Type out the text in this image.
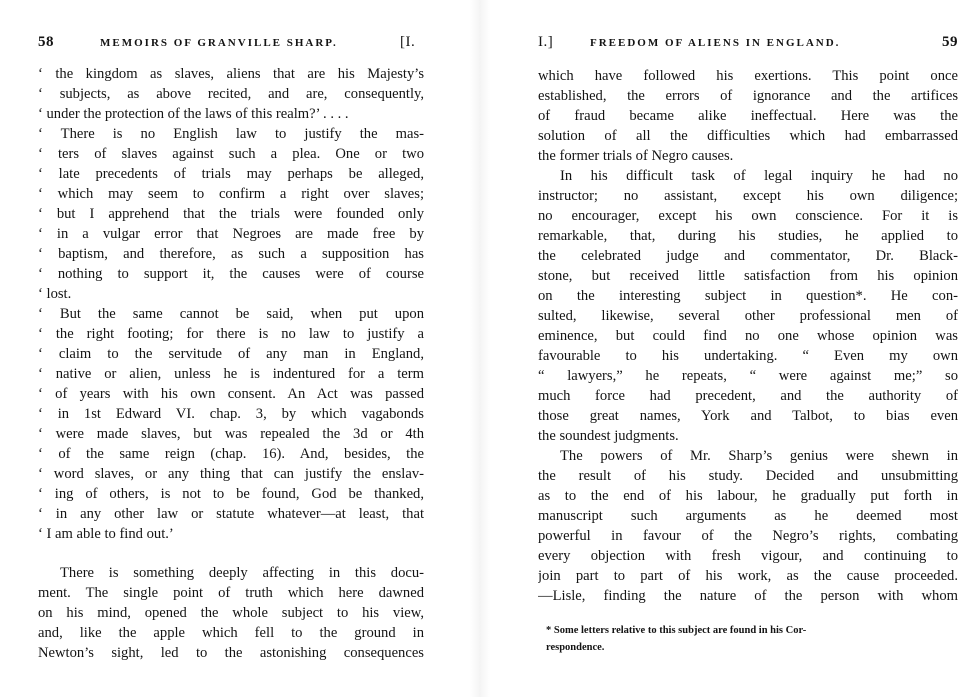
58	MEMOIRS OF GRANVILLE SHARP.	[I.
‘ the kingdom as slaves, aliens that are his Majesty’s
‘ subjects, as above recited, and are, consequently,
‘ under the protection of the laws of this realm?’ . . . .
‘ There is no English law to justify the mas-
‘ ters of slaves against such a plea. One or two
‘ late precedents of trials may perhaps be alleged,
‘ which may seem to confirm a right over slaves;
‘ but I apprehend that the trials were founded only
‘ in a vulgar error that Negroes are made free by
‘ baptism, and therefore, as such a supposition has
‘ nothing to support it, the causes were of course
‘ lost.
‘ But the same cannot be said, when put upon
‘ the right footing; for there is no law to justify a
‘ claim to the servitude of any man in England,
‘ native or alien, unless he is indentured for a term
‘ of years with his own consent. An Act was passed
‘ in 1st Edward VI. chap. 3, by which vagabonds
‘ were made slaves, but was repealed the 3d or 4th
‘ of the same reign (chap. 16). And, besides, the
‘ word slaves, or any thing that can justify the enslav-
‘ ing of others, is not to be found, God be thanked,
‘ in any other law or statute whatever—at least, that
‘ I am able to find out.’
There is something deeply affecting in this docu-
ment. The single point of truth which here dawned
on his mind, opened the whole subject to his view,
and, like the apple which fell to the ground in
Newton’s sight, led to the astonishing consequences
I.]	FREEDOM OF ALIENS IN ENGLAND.	59
which have followed his exertions. This point once
established, the errors of ignorance and the artifices
of fraud became alike ineffectual. Here was the
solution of all the difficulties which had embarrassed
the former trials of Negro causes.
In his difficult task of legal inquiry he had no
instructor; no assistant, except his own diligence;
no encourager, except his own conscience. For it is
remarkable, that, during his studies, he applied to
the celebrated judge and commentator, Dr. Black-
stone, but received little satisfaction from his opinion
on the interesting subject in question*. He con-
sulted, likewise, several other professional men of
eminence, but could find no one whose opinion was
favourable to his undertaking. “ Even my own
“ lawyers,” he repeats, “ were against me;” so
much force had precedent, and the authority of
those great names, York and Talbot, to bias even
the soundest judgments.
The powers of Mr. Sharp’s genius were shewn in
the result of his study. Decided and unsubmitting
as to the end of his labour, he gradually put forth in
manuscript such arguments as he deemed most
powerful in favour of the Negro’s rights, combating
every objection with fresh vigour, and continuing to
join part to part of his work, as the cause proceeded.
—Lisle, finding the nature of the person with whom
* Some letters relative to this subject are found in his Cor-
respondence.
